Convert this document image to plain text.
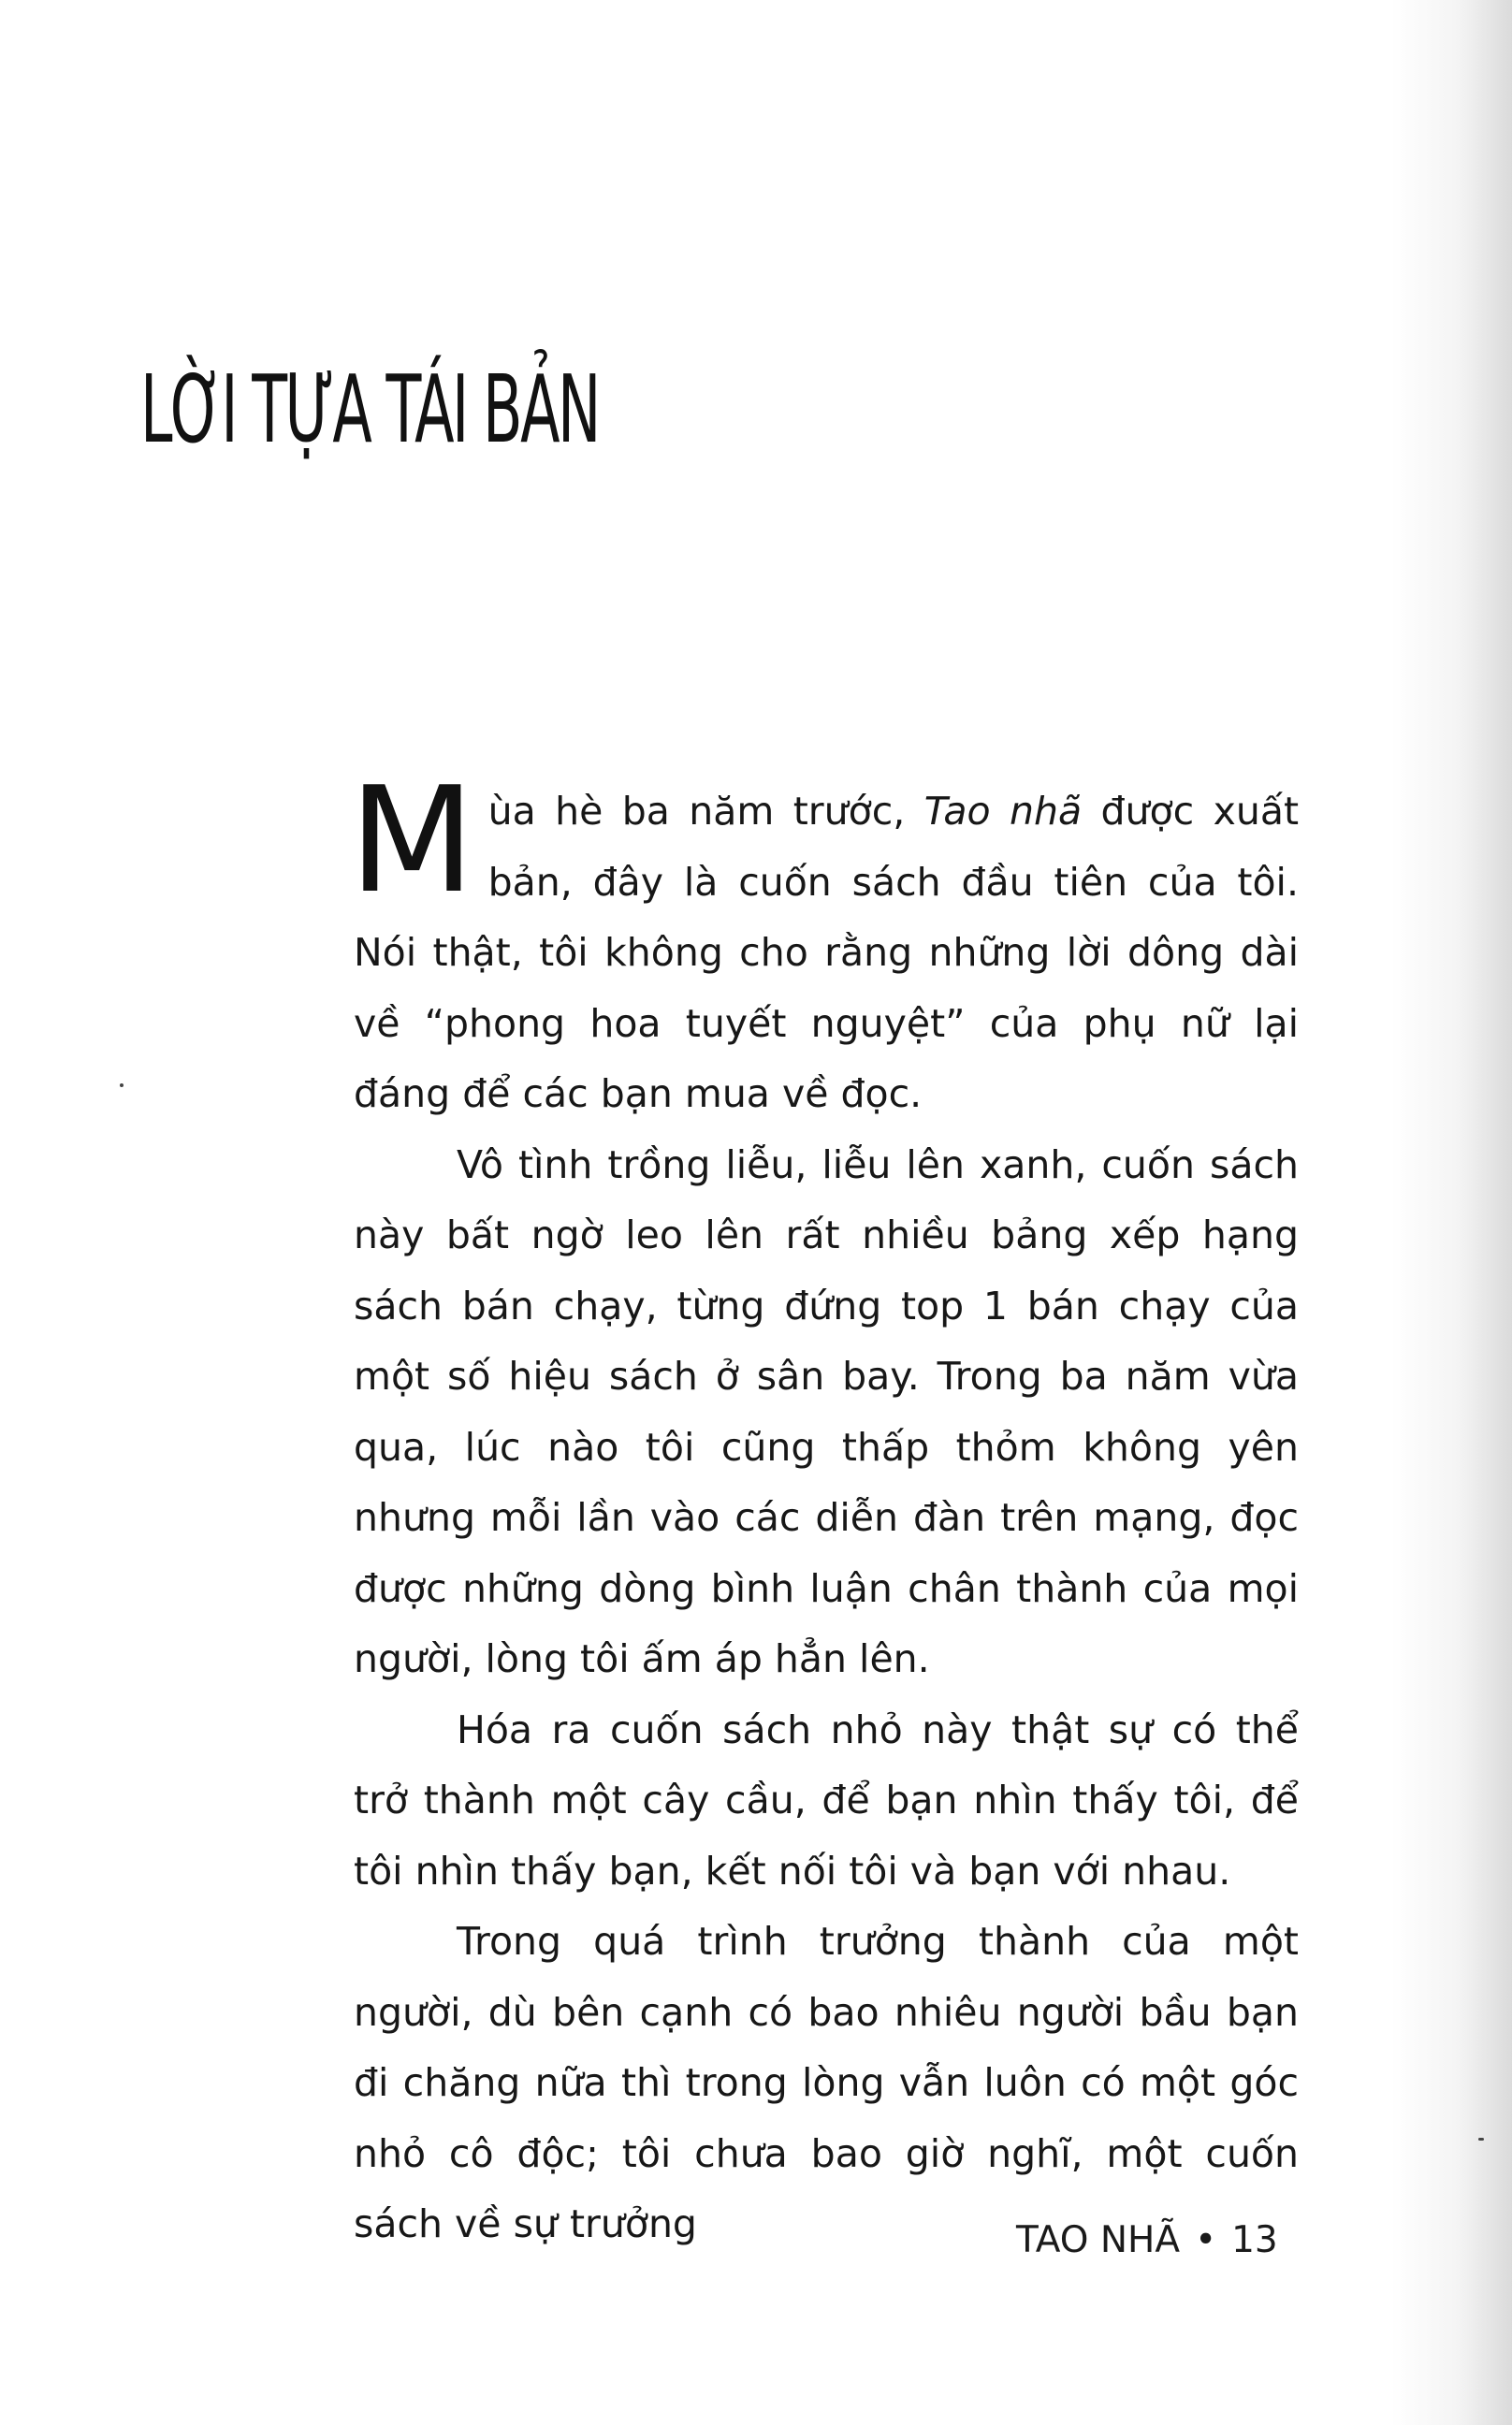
LỜI TỰA TÁI BẢN

Mùa hè ba năm trước, Tao nhã được xuất bản, đây là cuốn sách đầu tiên của tôi. Nói thật, tôi không cho rằng những lời dông dài về “phong hoa tuyết nguyệt” của phụ nữ lại đáng để các bạn mua về đọc.

Vô tình trồng liễu, liễu lên xanh, cuốn sách này bất ngờ leo lên rất nhiều bảng xếp hạng sách bán chạy, từng đứng top 1 bán chạy của một số hiệu sách ở sân bay. Trong ba năm vừa qua, lúc nào tôi cũng thấp thỏm không yên nhưng mỗi lần vào các diễn đàn trên mạng, đọc được những dòng bình luận chân thành của mọi người, lòng tôi ấm áp hẳn lên.

Hóa ra cuốn sách nhỏ này thật sự có thể trở thành một cây cầu, để bạn nhìn thấy tôi, để tôi nhìn thấy bạn, kết nối tôi và bạn với nhau.

Trong quá trình trưởng thành của một người, dù bên cạnh có bao nhiêu người bầu bạn đi chăng nữa thì trong lòng vẫn luôn có một góc nhỏ cô độc; tôi chưa bao giờ nghĩ, một cuốn sách về sự trưởng	TAO NHÃ • 13
